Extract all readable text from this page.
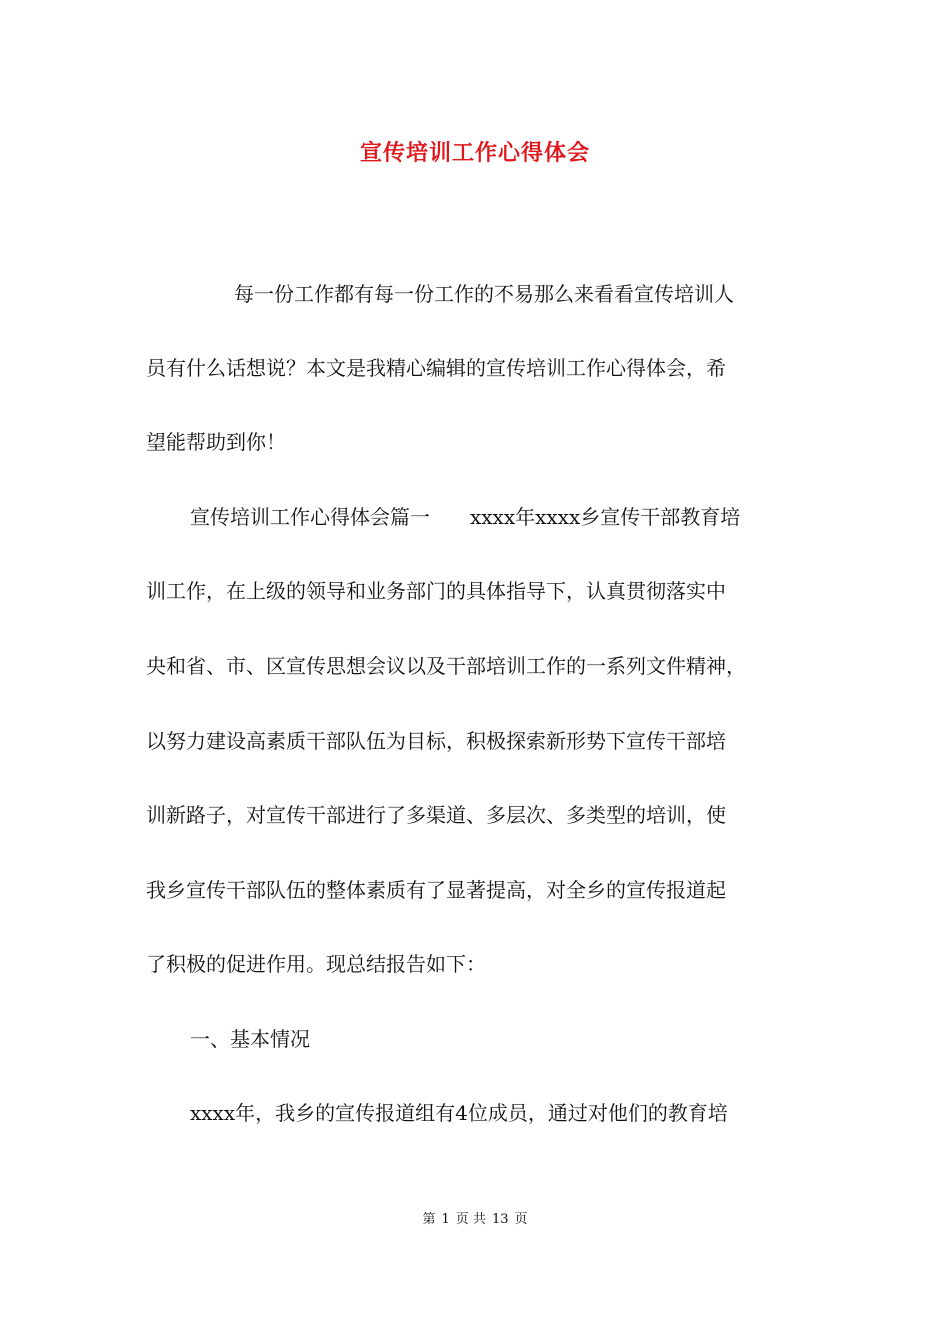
宣传培训工作心得体会
每一份工作都有每一份工作的不易那么来看看宣传培训人
员有什么话想说？本文是我精心编辑的宣传培训工作心得体会，希
望能帮助到你！
宣传培训工作心得体会篇一　　xxxx年xxxx乡宣传干部教育培
训工作，在上级的领导和业务部门的具体指导下，认真贯彻落实中
央和省、市、区宣传思想会议以及干部培训工作的一系列文件精神，
以努力建设高素质干部队伍为目标，积极探索新形势下宣传干部培
训新路子，对宣传干部进行了多渠道、多层次、多类型的培训，使
我乡宣传干部队伍的整体素质有了显著提高，对全乡的宣传报道起
了积极的促进作用。现总结报告如下：
一、基本情况
xxxx年，我乡的宣传报道组有4位成员，通过对他们的教育培
第 1 页 共 13 页
